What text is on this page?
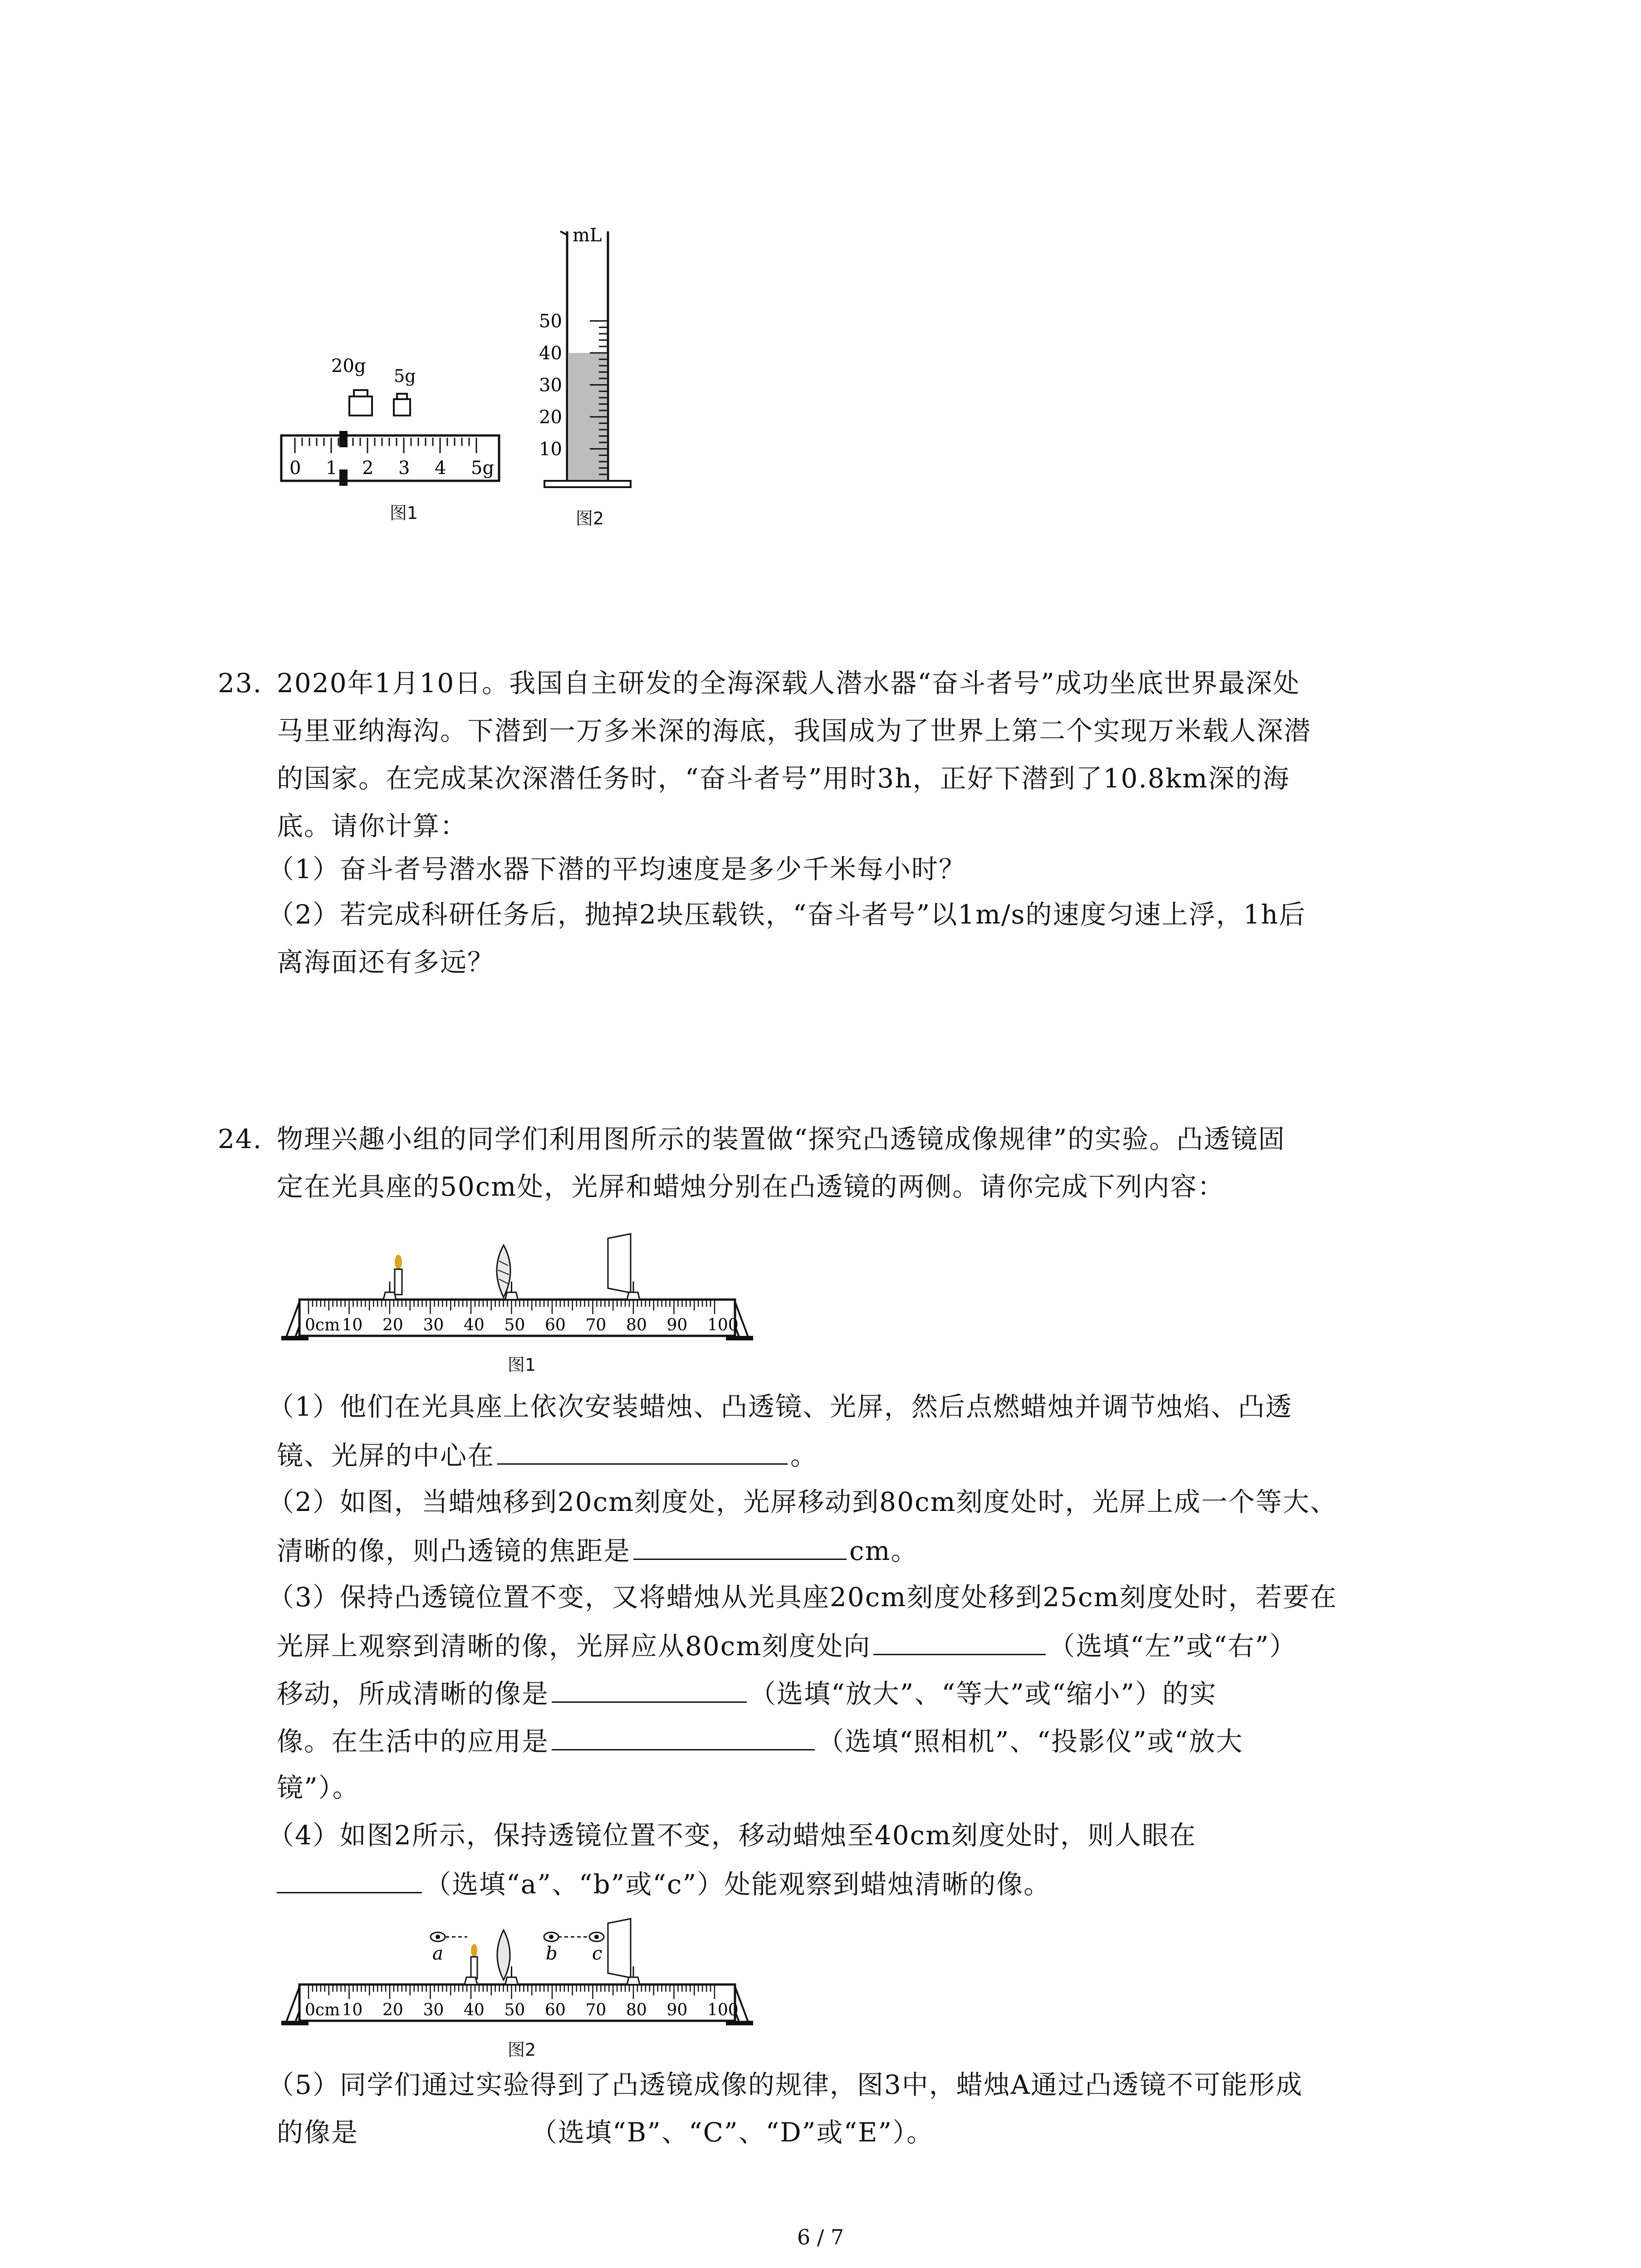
20g 5g
0 1 2 3 4 5g
图1
mL
50
40
30
20
10
图2
23. 2020年1月10日。我国自主研发的全海深载人潜水器“奋斗者号”成功坐底世界最深处
马里亚纳海沟。下潜到一万多米深的海底，我国成为了世界上第二个实现万米载人深潜
的国家。在完成某次深潜任务时，“奋斗者号”用时3h，正好下潜到了10.8km深的海
底。请你计算：
（1）奋斗者号潜水器下潜的平均速度是多少千米每小时？
（2）若完成科研任务后，抛掉2块压载铁，“奋斗者号”以1m/s的速度匀速上浮，1h后
离海面还有多远？
24. 物理兴趣小组的同学们利用图所示的装置做“探究凸透镜成像规律”的实验。凸透镜固
定在光具座的50cm处，光屏和蜡烛分别在凸透镜的两侧。请你完成下列内容：
0cm 10 20 30 40 50 60 70 80 90 100
图1
（1）他们在光具座上依次安装蜡烛、凸透镜、光屏，然后点燃蜡烛并调节烛焰、凸透
镜、光屏的中心在	。
（2）如图，当蜡烛移到20cm刻度处，光屏移动到80cm刻度处时，光屏上成一个等大、
清晰的像，则凸透镜的焦距是	cm。
（3）保持凸透镜位置不变，又将蜡烛从光具座20cm刻度处移到25cm刻度处时，若要在
光屏上观察到清晰的像，光屏应从80cm刻度处向	（选填“左”或“右”）
移动，所成清晰的像是	（选填“放大”、“等大”或“缩小”）的实
像。在生活中的应用是	（选填“照相机”、“投影仪”或“放大
镜”）。
（4）如图2所示，保持透镜位置不变，移动蜡烛至40cm刻度处时，则人眼在
（选填“a”、“b”或“c”）处能观察到蜡烛清晰的像。
a	b c
0cm 10 20 30 40 50 60 70 80 90 100
图2
（5）同学们通过实验得到了凸透镜成像的规律，图3中，蜡烛A通过凸透镜不可能形成
的像是	（选填“B”、“C”、“D”或“E”）。
6 / 7
